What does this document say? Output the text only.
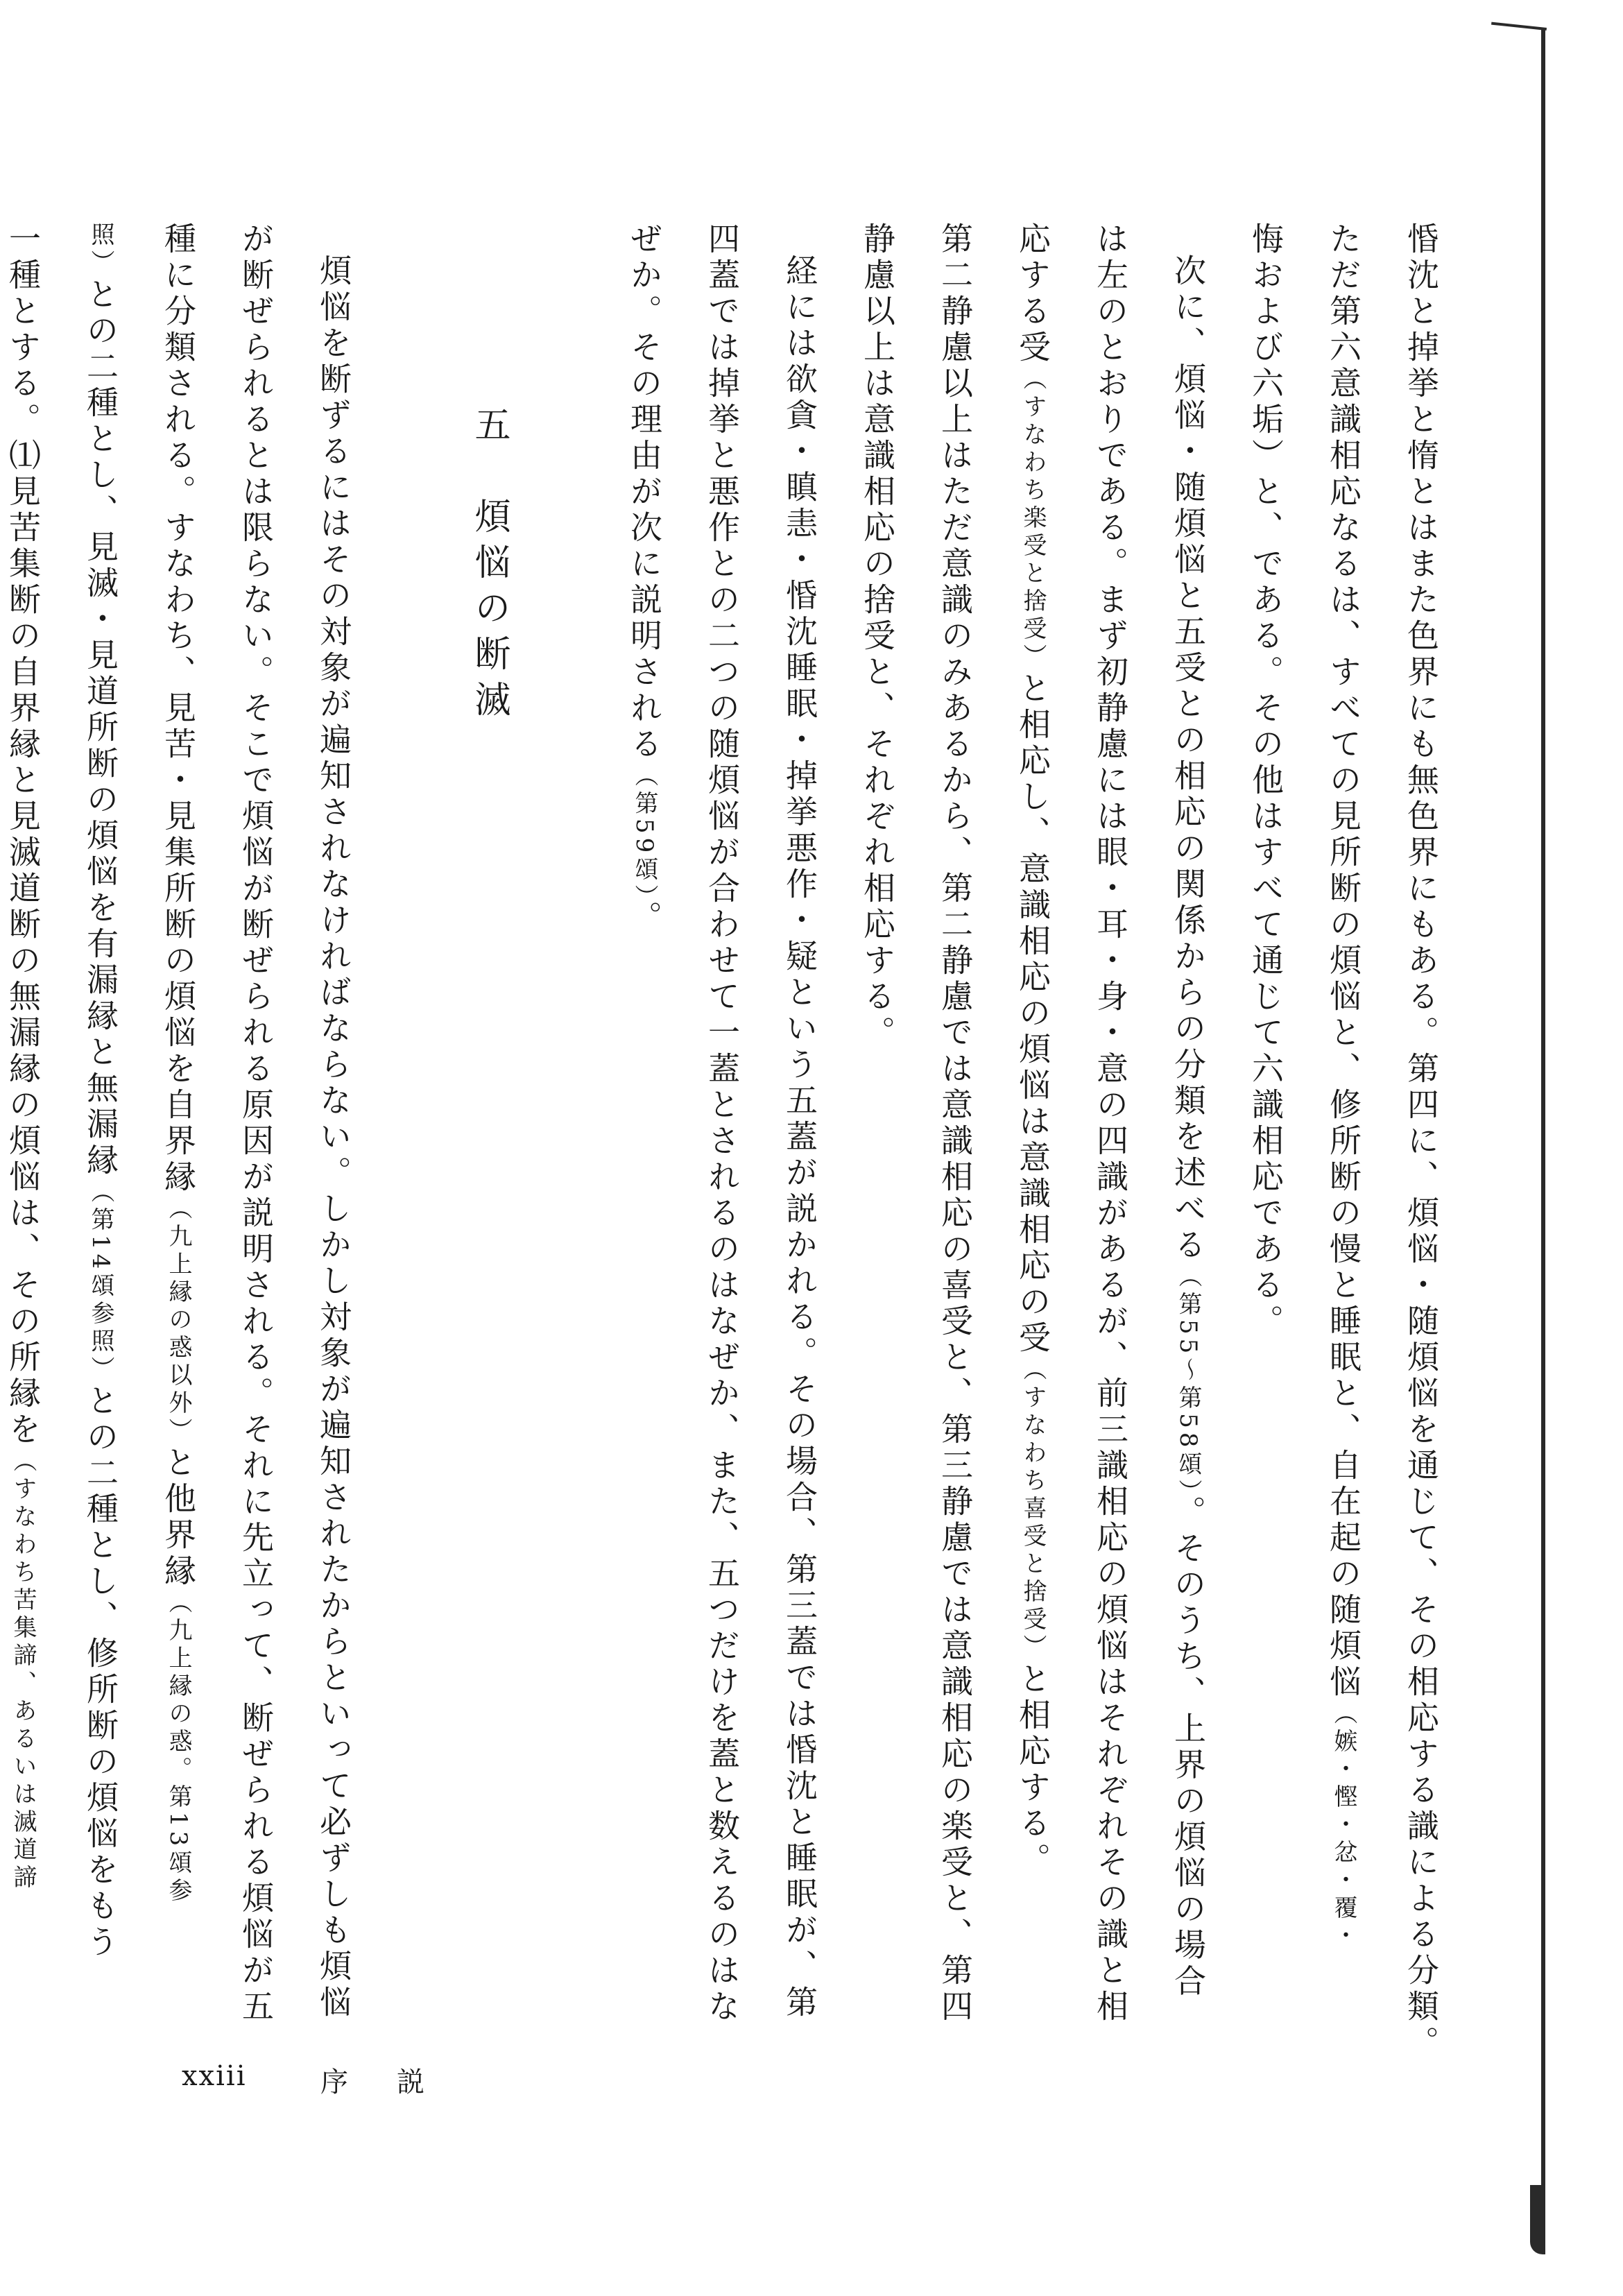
惛沈と掉挙と惰とはまた色界にも無色界にもある。第四に、煩悩・随煩悩を通じて、その相応する識による分類。
ただ第六意識相応なるは、すべての見所断の煩悩と、修所断の慢と睡眠と、自在起の随煩悩（嫉・慳・忿・覆・
悔および六垢）と、である。その他はすべて通じて六識相応である。
次に、煩悩・随煩悩と五受との相応の関係からの分類を述べる（第55～第58頌）。そのうち、上界の煩悩の場合
は左のとおりである。まず初静慮には眼・耳・身・意の四識があるが、前三識相応の煩悩はそれぞれその識と相
応する受（すなわち楽受と捨受）と相応し、意識相応の煩悩は意識相応の受（すなわち喜受と捨受）と相応する。
第二静慮以上はただ意識のみあるから、第二静慮では意識相応の喜受と、第三静慮では意識相応の楽受と、第四
静慮以上は意識相応の捨受と、それぞれ相応する。
経には欲貪・瞋恚・惛沈睡眠・掉挙悪作・疑という五蓋が説かれる。その場合、第三蓋では惛沈と睡眠が、第
四蓋では掉挙と悪作との二つの随煩悩が合わせて一蓋とされるのはなぜか、また、五つだけを蓋と数えるのはな
ぜか。その理由が次に説明される（第59頌）。
五　煩悩の断滅
煩悩を断ずるにはその対象が遍知されなければならない。しかし対象が遍知されたからといって必ずしも煩悩
が断ぜられるとは限らない。そこで煩悩が断ぜられる原因が説明される。それに先立って、断ぜられる煩悩が五
種に分類される。すなわち、見苦・見集所断の煩悩を自界縁（九上縁の惑以外）と他界縁（九上縁の惑。第13頌参
照）との二種とし、見滅・見道所断の煩悩を有漏縁と無漏縁（第14頌参照）との二種とし、修所断の煩悩をもう
一種とする。⑴見苦集断の自界縁と見滅道断の無漏縁の煩悩は、その所縁を（すなわち苦集諦、あるいは滅道諦
xxiii	序説
